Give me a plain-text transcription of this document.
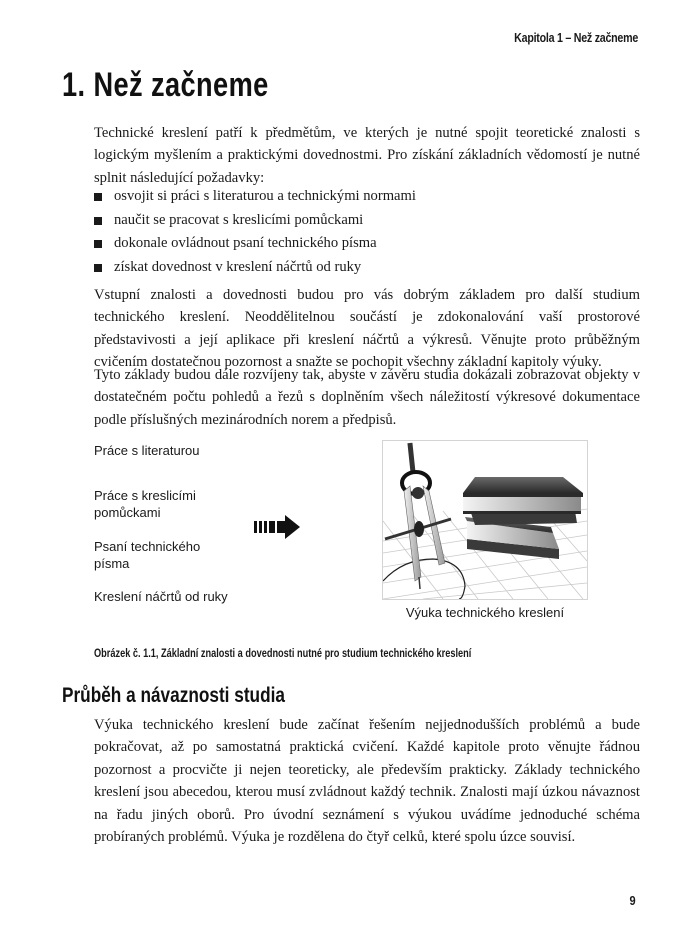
Kapitola 1 – Než začneme
1. Než začneme

Technické kreslení patří k předmětům, ve kterých je nutné spojit teoretické znalosti s logickým myšlením a praktickými dovednostmi. Pro získání základních vědomostí je nutné splnit následující požadavky:

osvojit si práci s literaturou a technickými normami
naučit se pracovat s kreslicími pomůckami
dokonale ovládnout psaní technického písma
získat dovednost v kreslení náčrtů od ruky

Vstupní znalosti a dovednosti budou pro vás dobrým základem pro další studium technického kreslení. Neoddělitelnou součástí je zdokonalování vaší prostorové představivosti a její aplikace při kreslení náčrtů a výkresů. Věnujte proto průběžným cvičením dostatečnou pozornost a snažte se pochopit všechny základní kapitoly výuky.

Tyto základy budou dále rozvíjeny tak, abyste v závěru studia dokázali zobrazovat objekty v dostatečném počtu pohledů a řezů s doplněním všech náležitostí výkresové dokumentace podle příslušných mezinárodních norem a předpisů.

Práce s literaturou
Práce s kreslicími pomůckami
Psaní technického písma
Kreslení náčrtů od ruky
Výuka technického kreslení
Obrázek č. 1.1, Základní znalosti a dovednosti nutné pro studium technického kreslení
Průběh a návaznosti studia

Výuka technického kreslení bude začínat řešením nejjednodušších problémů a bude pokračovat, až po samostatná praktická cvičení. Každé kapitole proto věnujte řádnou pozornost a procvičte ji nejen teoreticky, ale především prakticky. Základy technického kreslení jsou abecedou, kterou musí zvládnout každý technik. Znalosti mají úzkou návaznost na řadu jiných oborů. Pro úvodní seznámení s výukou uvádíme jednoduché schéma probíraných problémů. Výuka je rozdělena do čtyř celků, které spolu úzce souvisí.

9
